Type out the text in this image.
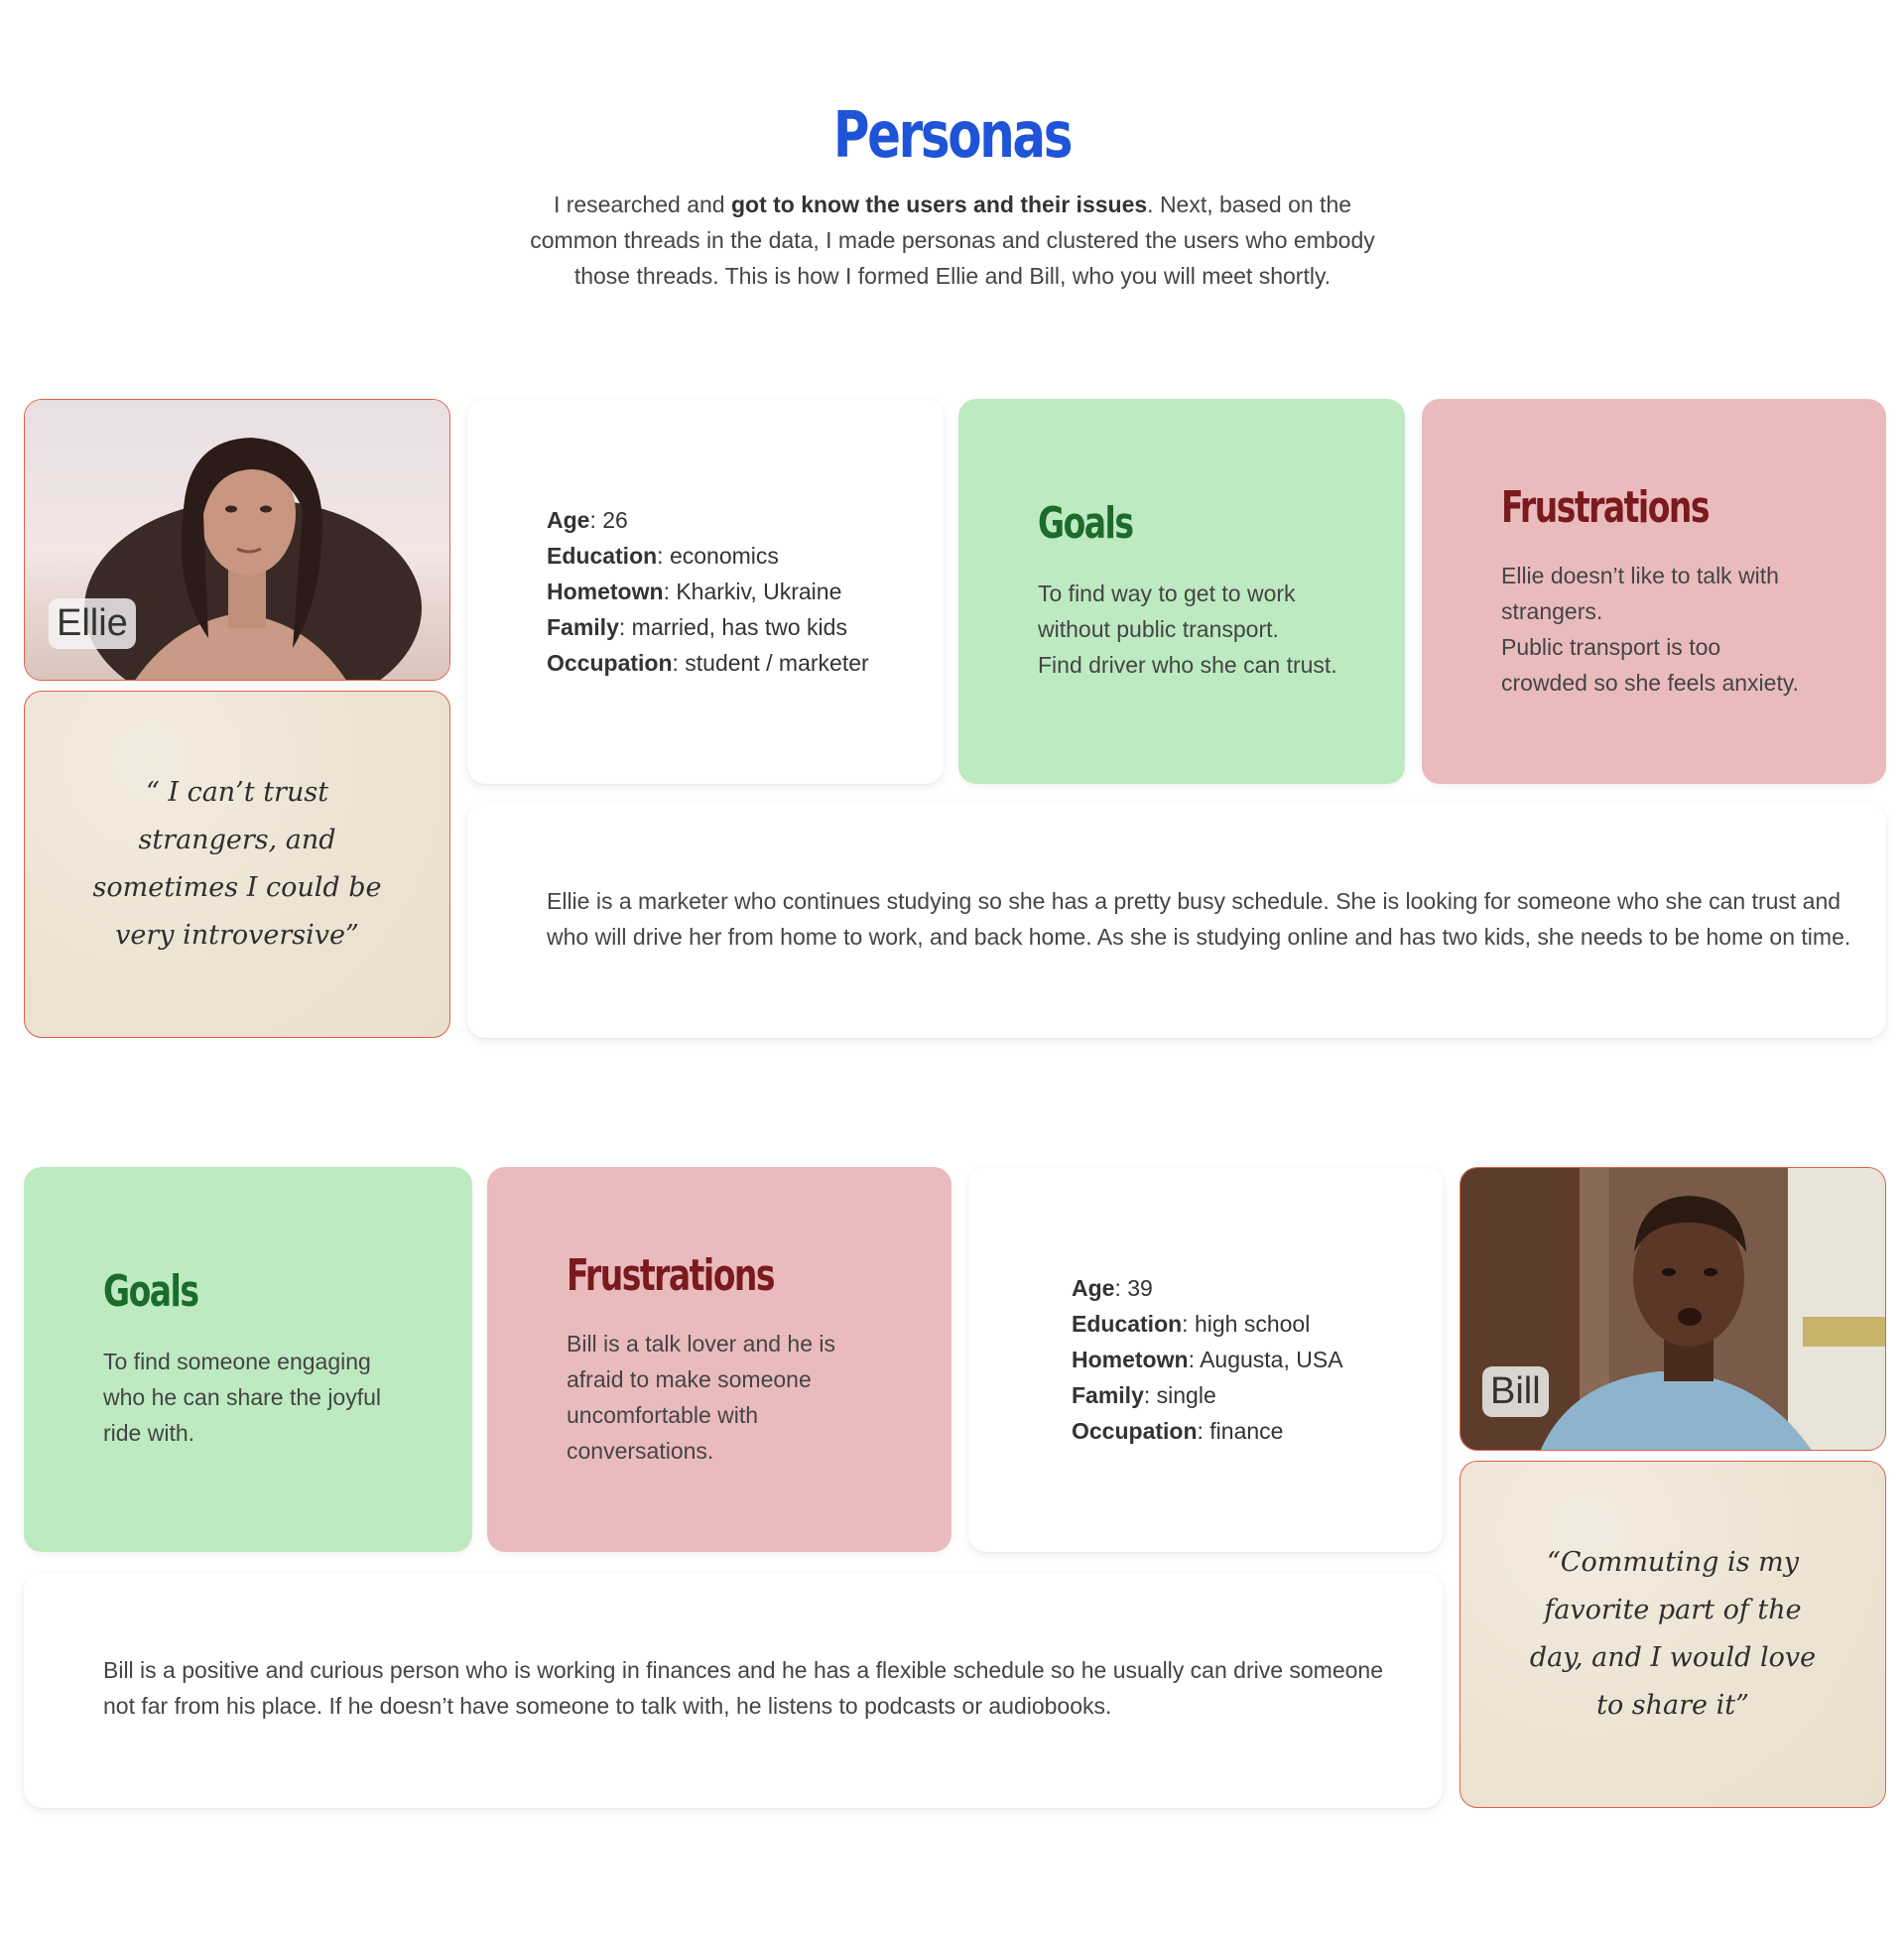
Personas
I researched and got to know the users and their issues. Next, based on the common threads in the data, I made personas and clustered the users who embody those threads. This is how I formed Ellie and Bill, who you will meet shortly.
Ellie
“ I can’t trust
strangers, and
sometimes I could be
very introversive”
Age: 26
Education: economics
Hometown: Kharkiv, Ukraine
Family: married, has two kids
Occupation: student / marketer
Goals
To find way to get to work
without public transport.
Find driver who she can trust.
Frustrations
Ellie doesn’t like to talk with
strangers.
Public transport is too
crowded so she feels anxiety.
Ellie is a marketer who continues studying so she has a pretty busy schedule. She is looking for someone who she can trust and
who will drive her from home to work, and back home. As she is studying online and has two kids, she needs to be home on time.
Goals
To find someone engaging
who he can share the joyful
ride with.
Frustrations
Bill is a talk lover and he is
afraid to make someone
uncomfortable with
conversations.
Age: 39
Education: high school
Hometown: Augusta, USA
Family: single
Occupation: finance
Bill
“Commuting is my
favorite part of the
day, and I would love
to share it”
Bill is a positive and curious person who is working in finances and he has a flexible schedule so he usually can drive someone
not far from his place. If he doesn’t have someone to talk with, he listens to podcasts or audiobooks.
